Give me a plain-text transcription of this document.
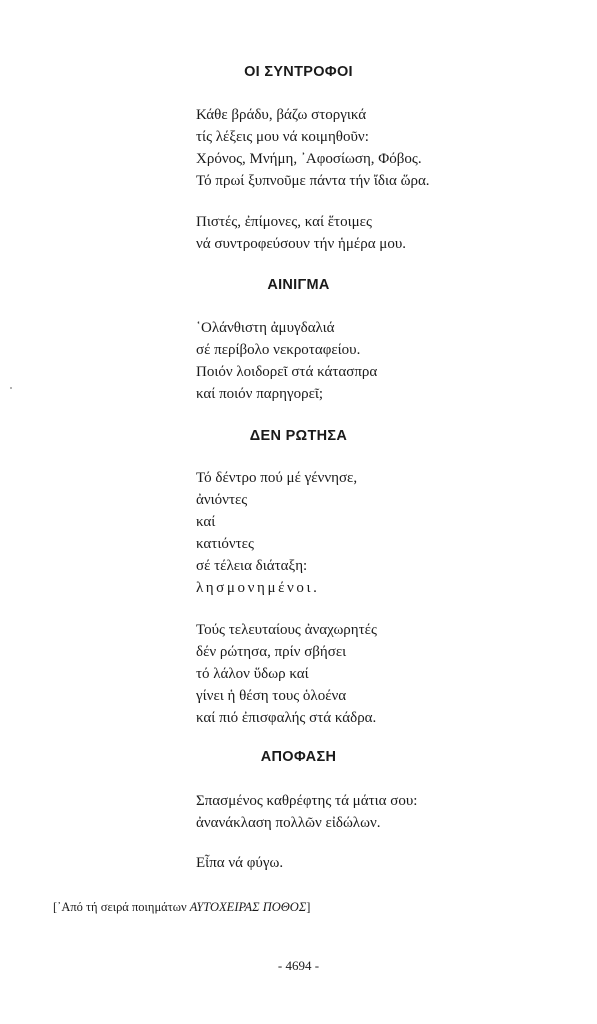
ΟΙ ΣΥΝΤΡΟΦΟΙ
Κάθε βράδυ, βάζω στοργικά
τίς λέξεις μου νά κοιμηθοῦν:
Χρόνος, Μνήμη, ᾿Αφοσίωση, Φόβος.
Τό πρωί ξυπνοῦμε πάντα τήν ἴδια ὥρα.
Πιστές, ἐπίμονες, καί ἕτοιμες
νά συντροφεύσουν τήν ἡμέρα μου.
ΑΙΝΙΓΜΑ
῾Ολάνθιστη ἀμυγδαλιά
σέ περίβολο νεκροταφείου.
Ποιόν λοιδορεῖ στά κάτασπρα
καί ποιόν παρηγορεῖ;
ΔΕΝ ΡΩΤΗΣΑ
Τό δέντρο πού μέ γέννησε,
ἀνιόντες
καί
κατιόντες
σέ τέλεια διάταξη:
λησμονημένοι.
Τούς τελευταίους ἀναχωρητές
δέν ρώτησα, πρίν σβήσει
τό λάλον ὕδωρ καί
γίνει ἡ θέση τους ὁλοένα
καί πιό ἐπισφαλής στά κάδρα.
ΑΠΟΦΑΣΗ
Σπασμένος καθρέφτης τά μάτια σου:
ἀνανάκλαση πολλῶν εἰδώλων.
Εἶπα νά φύγω.
[᾿Από τή σειρά ποιημάτων ΑΥΤΟΧΕΙΡΑΣ ΠΟΘΟΣ]
- 4694 -
